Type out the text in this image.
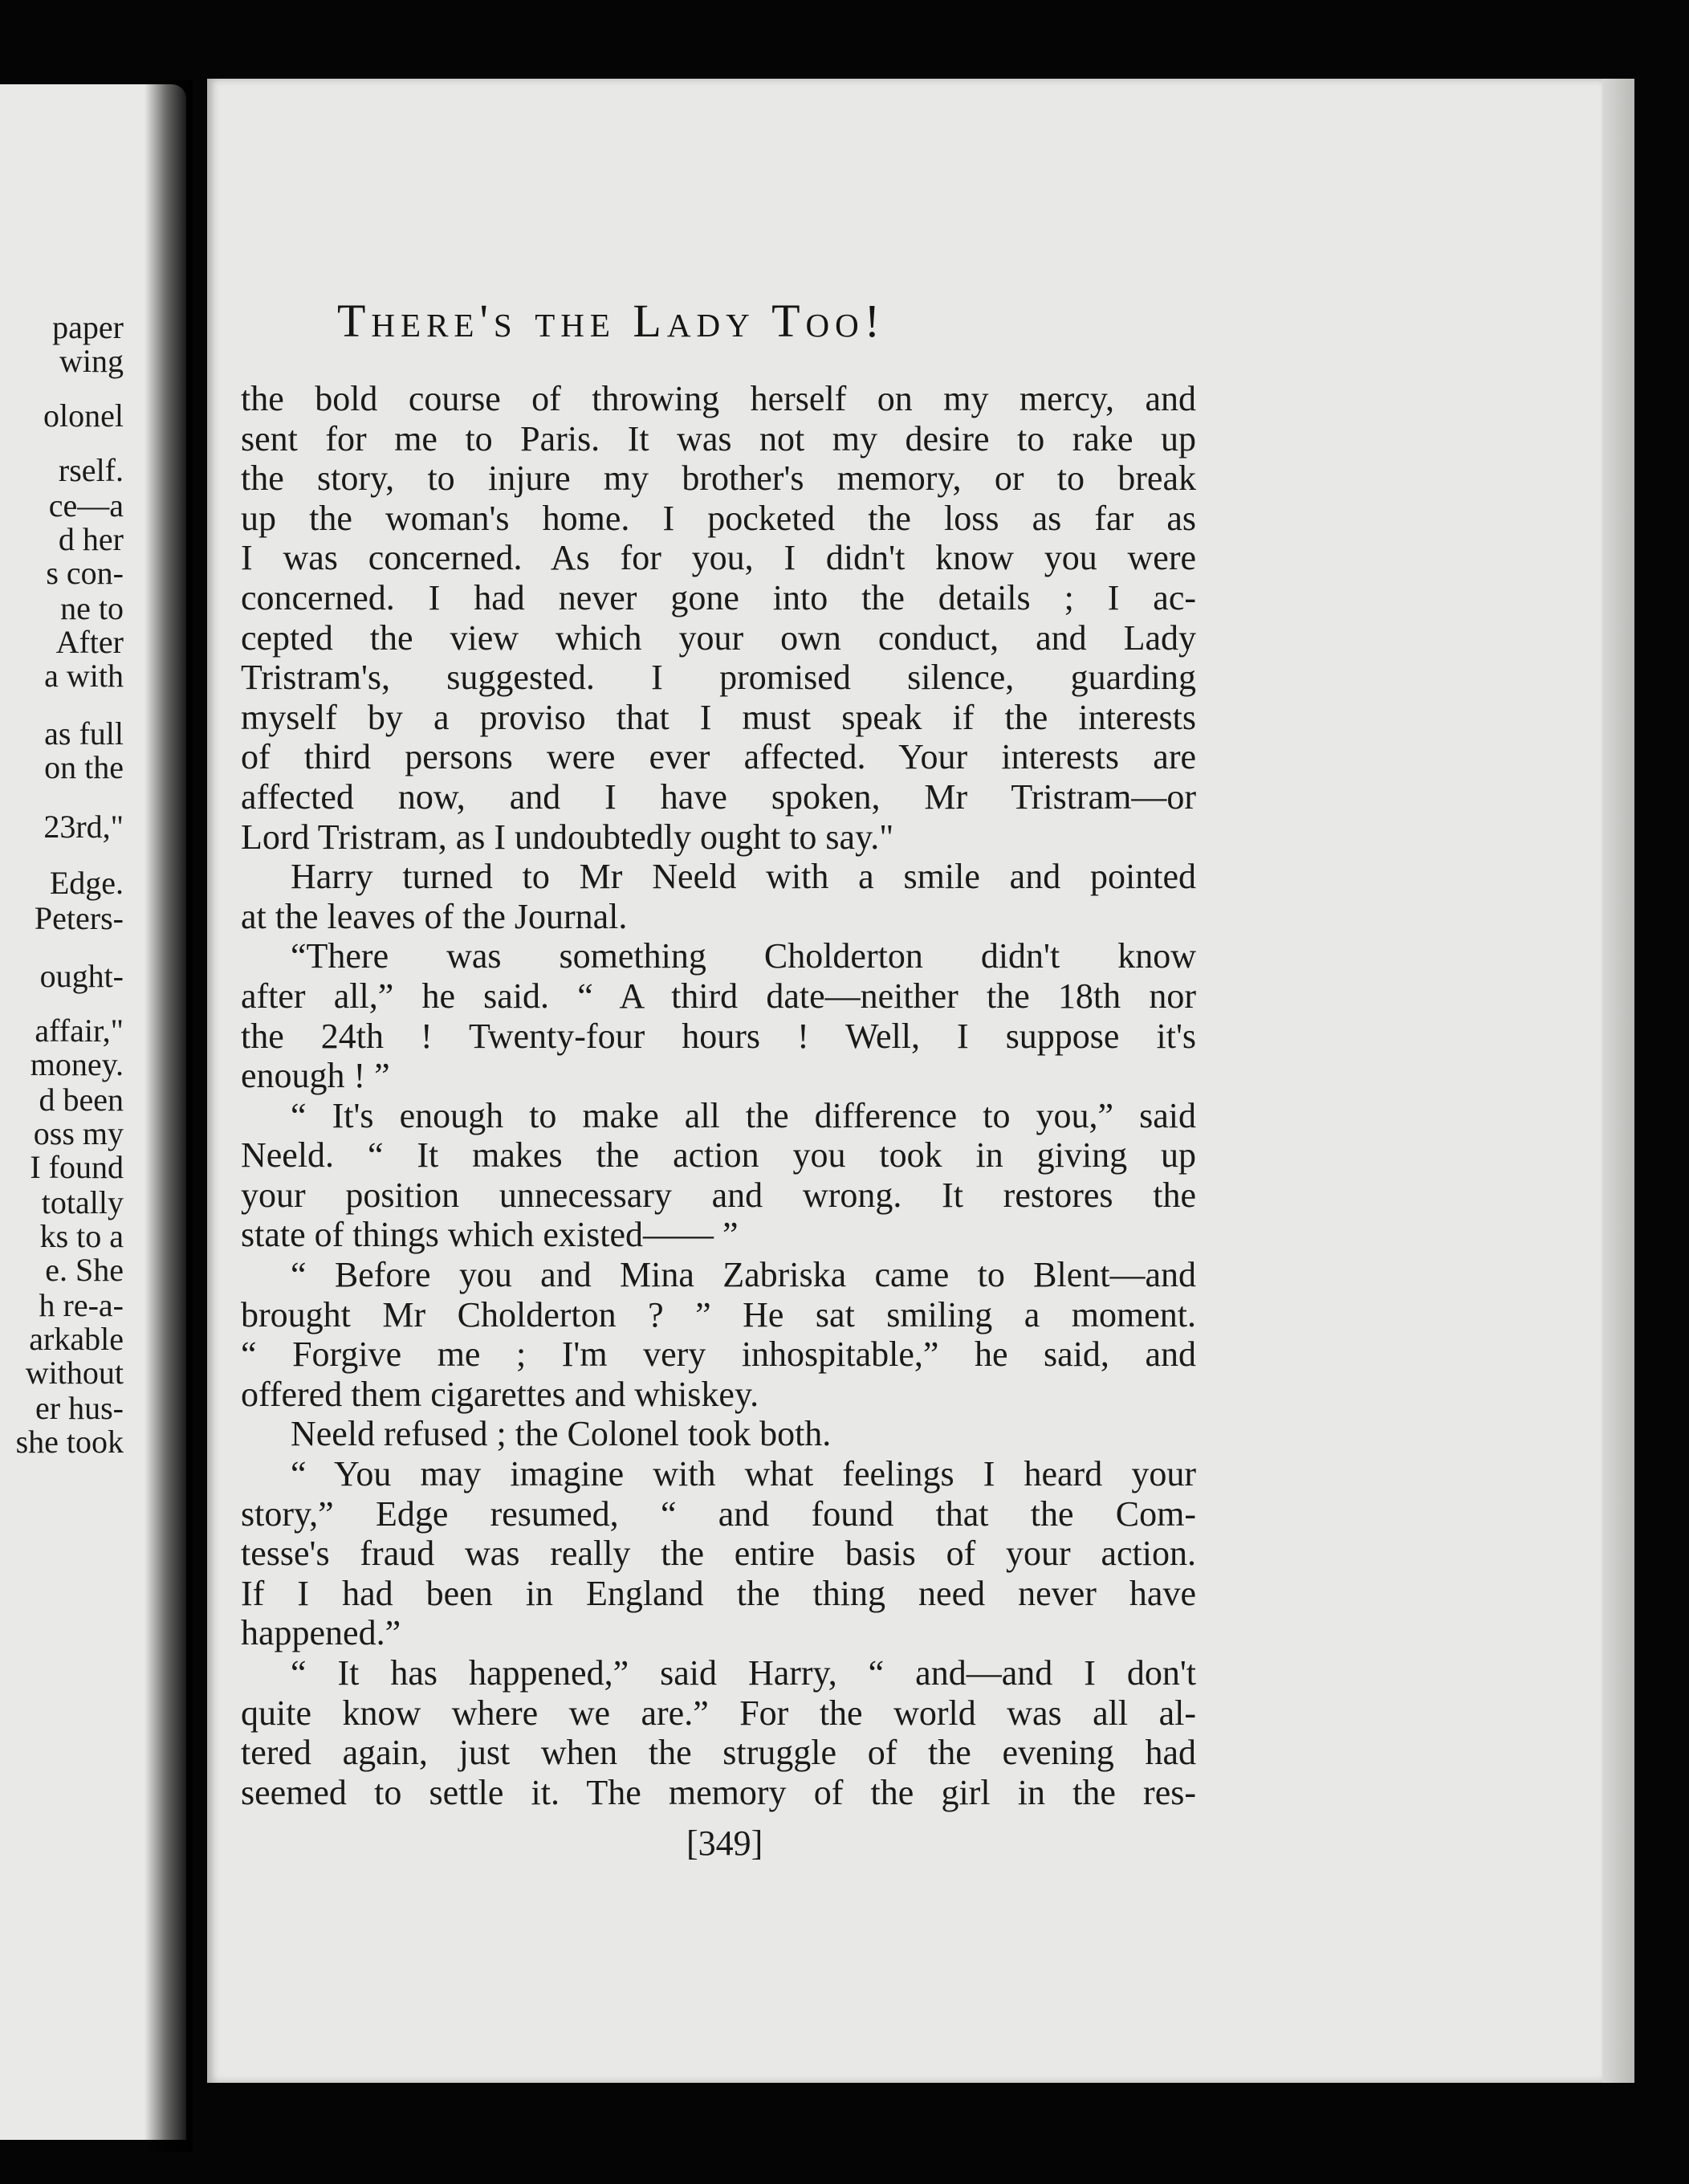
paper
wing
olonel
rself.
ce—a
d her
s con-
ne to
After
a with
as full
on the
23rd,"
Edge.
Peters-
ought-
affair,"
money.
d been
oss my
I found
totally
ks to a
e. She
h re-a-
arkable
without
er hus-
she took
There's the Lady Too!
the bold course of throwing herself on my mercy, and
sent for me to Paris. It was not my desire to rake up
the story, to injure my brother's memory, or to break
up the woman's home. I pocketed the loss as far as
I was concerned. As for you, I didn't know you were
concerned. I had never gone into the details ; I ac-
cepted the view which your own conduct, and Lady
Tristram's, suggested. I promised silence, guarding
myself by a proviso that I must speak if the interests
of third persons were ever affected. Your interests are
affected now, and I have spoken, Mr Tristram—or
Lord Tristram, as I undoubtedly ought to say."
Harry turned to Mr Neeld with a smile and pointed
at the leaves of the Journal.
“There was something Cholderton didn't know
after all,” he said. “ A third date—neither the 18th nor
the 24th ! Twenty-four hours ! Well, I suppose it's
enough ! ”
“ It's enough to make all the difference to you,” said
Neeld. “ It makes the action you took in giving up
your position unnecessary and wrong. It restores the
state of things which existed—— ”
“ Before you and Mina Zabriska came to Blent—and
brought Mr Cholderton ? ” He sat smiling a moment.
“ Forgive me ; I'm very inhospitable,” he said, and
offered them cigarettes and whiskey.
Neeld refused ; the Colonel took both.
“ You may imagine with what feelings I heard your
story,” Edge resumed, “ and found that the Com-
tesse's fraud was really the entire basis of your action.
If I had been in England the thing need never have
happened.”
“ It has happened,” said Harry, “ and—and I don't
quite know where we are.” For the world was all al-
tered again, just when the struggle of the evening had
seemed to settle it. The memory of the girl in the res-
[349]
